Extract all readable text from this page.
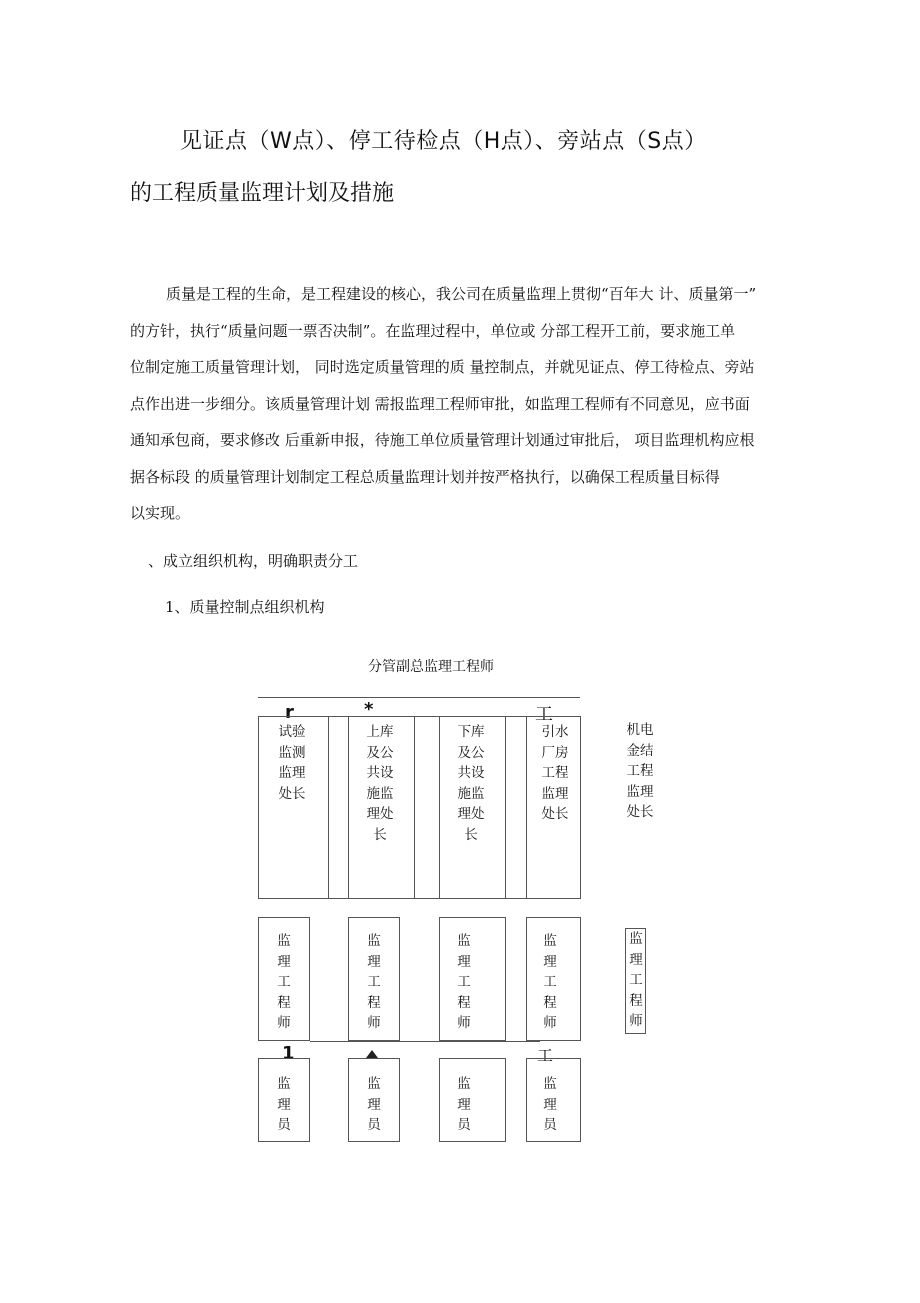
见证点（W点）、停工待检点（H点）、旁站点（S点）
的工程质量监理计划及措施

质量是工程的生命，是工程建设的核心，我公司在质量监理上贯彻“百年大 计、质量第一”

的方针，执行“质量问题一票否决制”。在监理过程中，单位或 分部工程开工前，要求施工单

位制定施工质量管理计划， 同时选定质量管理的质 量控制点，并就见证点、停工待检点、旁站

点作出进一步细分。该质量管理计划 需报监理工程师审批，如监理工程师有不同意见，应书面

通知承包商，要求修改 后重新申报，待施工单位质量管理计划通过审批后， 项目监理机构应根

据各标段 的质量管理计划制定工程总质量监理计划并按严格执行，以确保工程质量目标得

以实现。

、成立组织机构，明确职责分工
1、质量控制点组织机构
分管副总监理工程师
r	*	工
1	工
试验
监测
监理
处长
上库
及公
共设
施监
理处
长
下库
及公
共设
施监
理处
长
引水
厂房
工程
监理
处长
机电
金结
工程
监理
处长
监
理
工
程
师
监
理
工
程
师
监
理
工
程
师
监
理
工
程
师
监
理
工
程
师
监
理
员
监
理
员
监
理
员
监
理
员
